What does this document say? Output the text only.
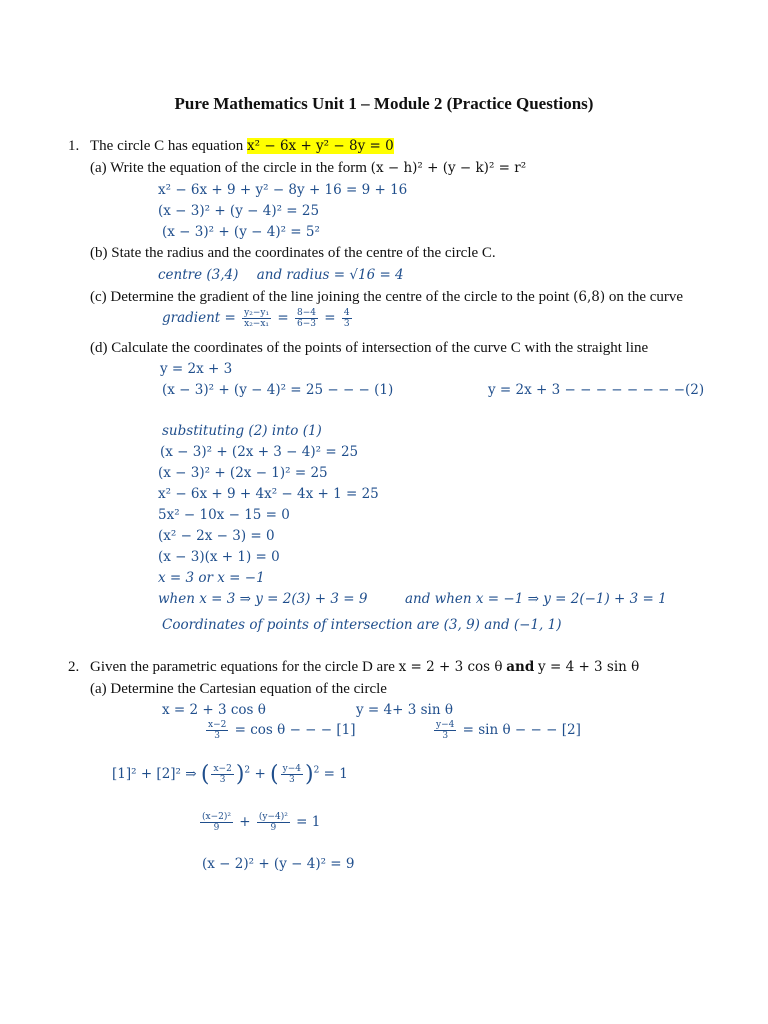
Pure Mathematics Unit 1 – Module 2 (Practice Questions)
1. The circle C has equation x² − 6x + y² − 8y = 0
(a) Write the equation of the circle in the form (x − h)² + (y − k)² = r²
x² − 6x + 9 + y² − 8y + 16 = 9 + 16
(x − 3)² + (y − 4)² = 25
(x − 3)² + (y − 4)² = 5²
(b) State the radius and the coordinates of the centre of the circle C.
centre (3,4) and radius = √16 = 4
(c) Determine the gradient of the line joining the centre of the circle to the point (6,8) on the curve
gradient = $\frac{\text{y₂−y₁}}{\text{x₂−x₁}} = \frac{8-4}{6-3} = \frac{4}{3}$
(d) Calculate the coordinates of the points of intersection of the curve C with the straight line
y = 2x + 3
(x − 3)² + (y − 4)² = 25 − − − (1)	y = 2x + 3 − − − − − − − −(2)
substituting (2) into (1)
(x − 3)² + (2x + 3 − 4)² = 25
(x − 3)² + (2x − 1)² = 25
x² − 6x + 9 + 4x² − 4x + 1 = 25
5x² − 10x − 15 = 0
(x² − 2x − 3) = 0
(x − 3)(x + 1) = 0
x = 3 or x = −1
when x = 3 ⇒ y = 2(3) + 3 = 9	and when x = −1 ⇒ y = 2(−1) + 3 = 1
Coordinates of points of intersection are (3, 9) and (−1, 1)
2. Given the parametric equations for the circle D are x = 2 + 3 cos θ and y = 4 + 3 sin θ
(a) Determine the Cartesian equation of the circle
x = 2 + 3 cos θ	y = 4+ 3 sin θ
$\frac{x-2}{3} = \cos \theta$ − − − [1]	$\frac{y-4}{3} = \sin \theta$ − − − [2]
[1]² + [2]² ⇒ ( $\frac{x-2}{3} )^2$ + ( $\frac{y-4}{3} )^2 = 1$
$\frac{\text{(x−2)²}}{9} + \frac{\text{(y−4)²}}{9} = 1$
(x − 2)² + (y − 4)² = 9
